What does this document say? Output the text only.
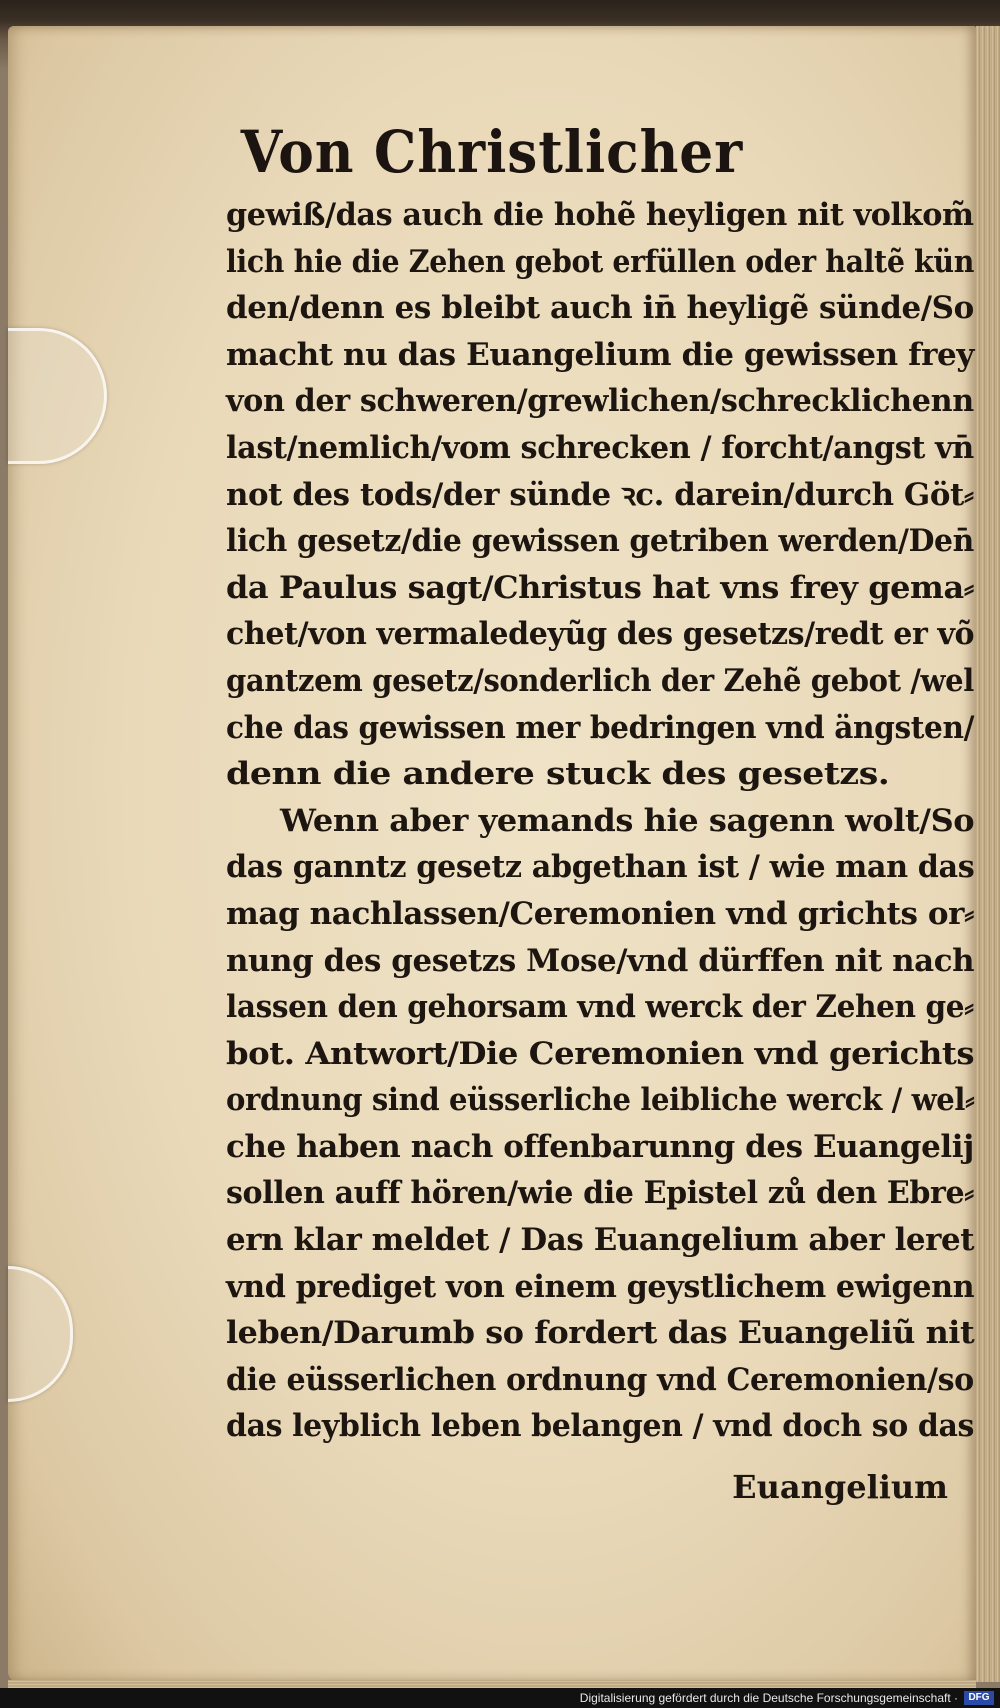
Von Christlicher
gewiß/das auch die hohẽ heyligen nit volkom̃
lich hie die Zehen gebot erfüllen oder haltẽ kün
den/denn es bleibt auch in̄ heyligẽ sünde/So
macht nu das Euangelium die gewissen frey
von der schweren/grewlichen/schrecklichenn
last/nemlich/vom schrecken / forcht/angst vn̄
not des tods/der sünde ꝛc. darein/durch Göt⸗
lich gesetz/die gewissen getriben werden/Den̄
da Paulus sagt/Christus hat vns frey gema⸗
chet/von vermaledeyũg des gesetzs/redt er võ
gantzem gesetz/sonderlich der Zehẽ gebot /wel
che das gewissen mer bedringen vnd ängsten/
denn die andere stuck des gesetzs.
Wenn aber yemands hie sagenn wolt/So
das ganntz gesetz abgethan ist / wie man das
mag nachlassen/Ceremonien vnd grichts or⸗
nung des gesetzs Mose/vnd dürffen nit nach
lassen den gehorsam vnd werck der Zehen ge⸗
bot. Antwort/Die Ceremonien vnd gerichts
ordnung sind eüsserliche leibliche werck / wel⸗
che haben nach offenbarunng des Euangelij
sollen auff hören/wie die Epistel zů den Ebre⸗
ern klar meldet / Das Euangelium aber leret
vnd prediget von einem geystlichem ewigenn
leben/Darumb so fordert das Euangeliũ nit
die eüsserlichen ordnung vnd Ceremonien/so
das leyblich leben belangen / vnd doch so das
Euangelium
Digitalisierung gefördert durch die Deutsche Forschungsgemeinschaft ·	DFG
